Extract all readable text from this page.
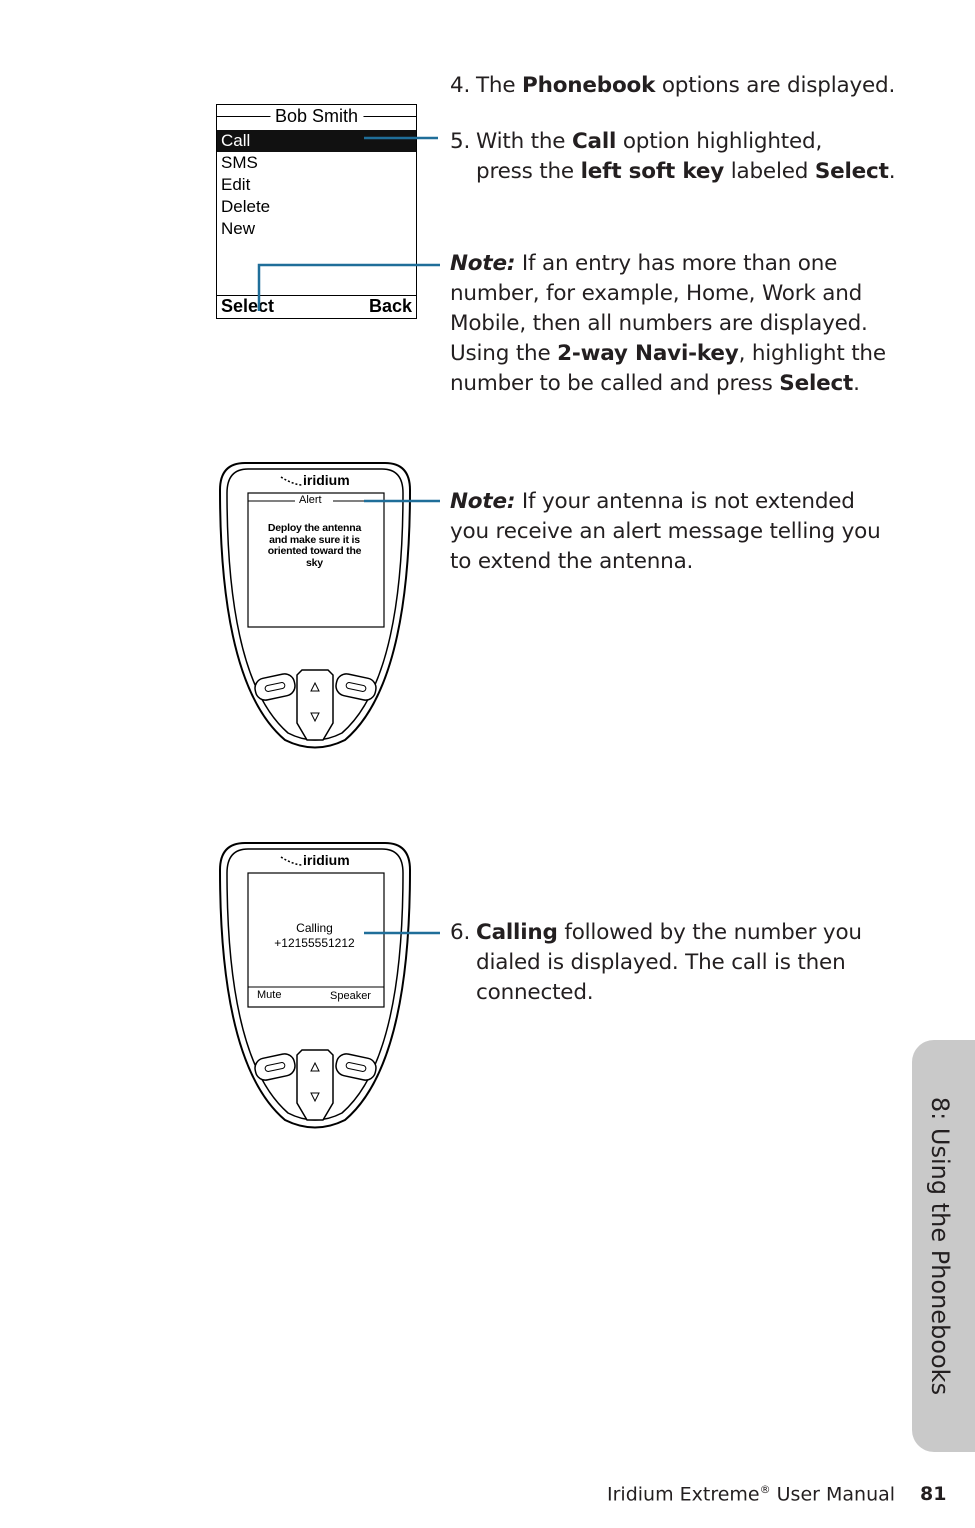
4. The Phonebook options are displayed.
Bob Smith
Call
SMS
Edit
Delete
New
Select	Back
5. With the Call option highlighted,
press the left soft key labeled Select.
Note: If an entry has more than one
number, for example, Home, Work and
Mobile, then all numbers are displayed.
Using the 2-way Navi-key, highlight the
number to be called and press Select.
iridium
Alert
Deploy the antenna
and make sure it is
oriented toward the
sky
Note: If your antenna is not extended
you receive an alert message telling you
to extend the antenna.
iridium
Calling
+12155551212
Mute	Speaker
6. Calling followed by the number you
dialed is displayed. The call is then
connected.
8: Using the Phonebooks
Iridium Extreme® User Manual 81
